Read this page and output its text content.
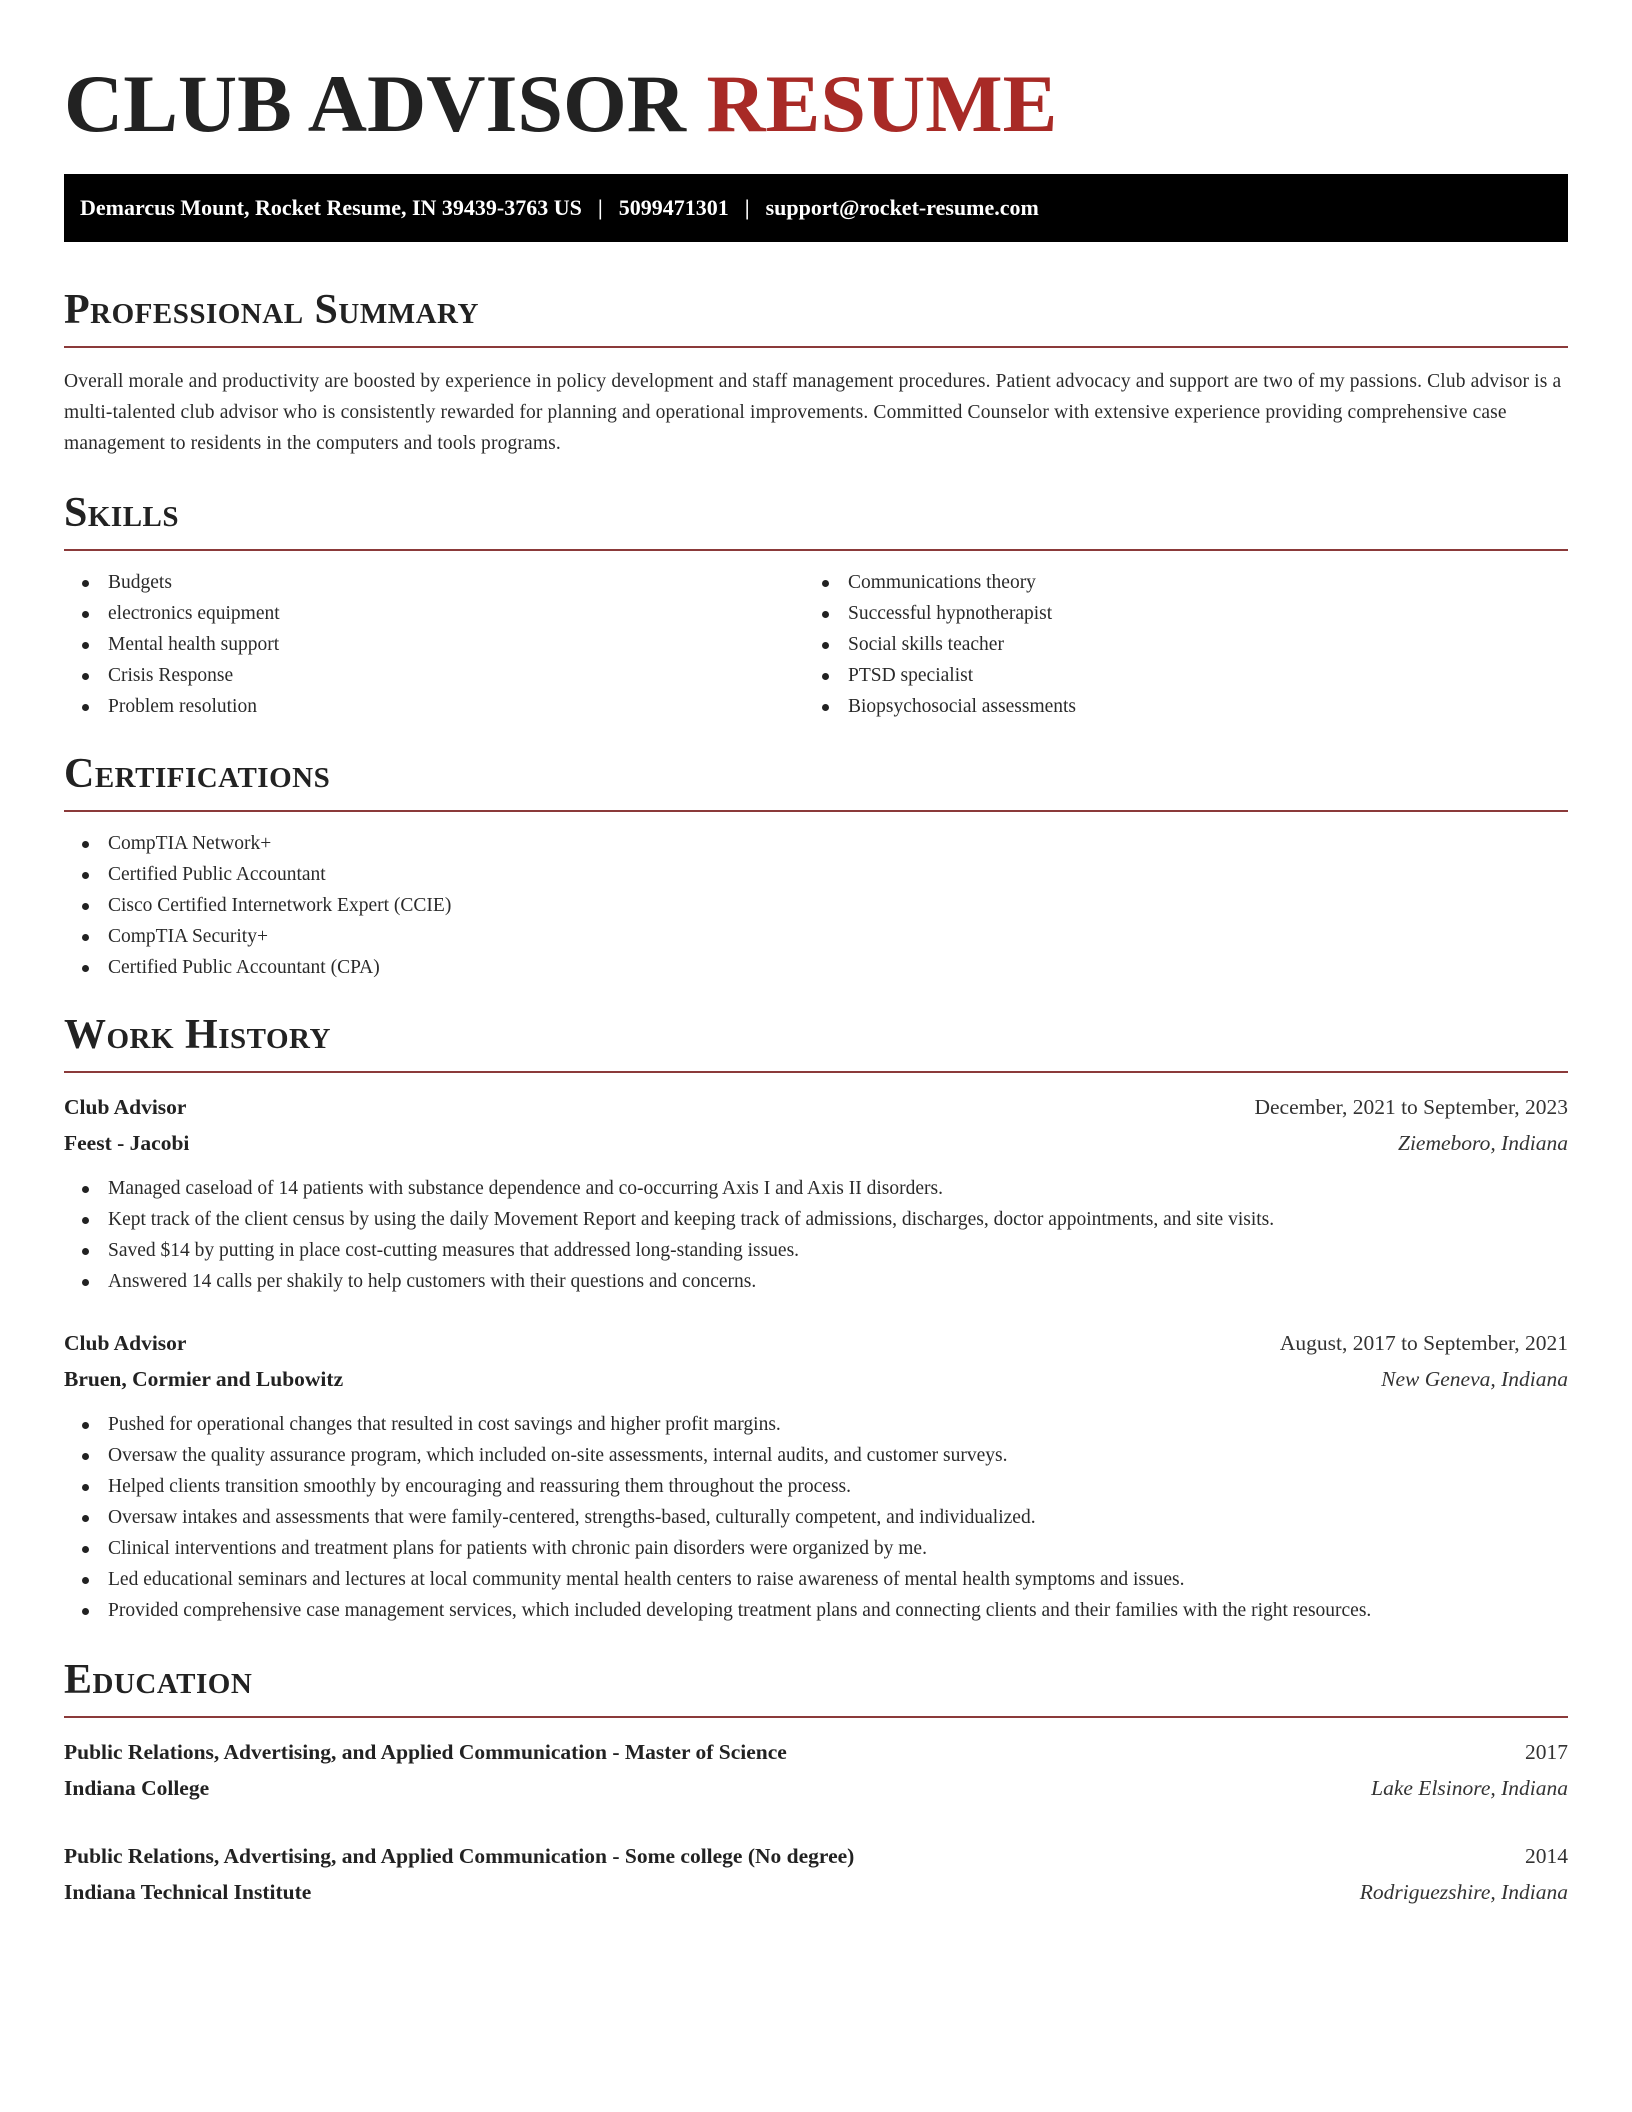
CLUB ADVISOR RESUME
Demarcus Mount, Rocket Resume, IN 39439-3763 US | 5099471301 | support@rocket-resume.com
Professional Summary

Overall morale and productivity are boosted by experience in policy development and staff management procedures. Patient advocacy and support are two of my passions. Club advisor is a multi-talented club advisor who is consistently rewarded for planning and operational improvements. Committed Counselor with extensive experience providing comprehensive case management to residents in the computers and tools programs.

Skills
Budgets
electronics equipment
Mental health support
Crisis Response
Problem resolution
Communications theory
Successful hypnotherapist
Social skills teacher
PTSD specialist
Biopsychosocial assessments
Certifications
CompTIA Network+
Certified Public Accountant
Cisco Certified Internetwork Expert (CCIE)
CompTIA Security+
Certified Public Accountant (CPA)
Work History
Club Advisor	December, 2021 to September, 2023
Feest - Jacobi	Ziemeboro, Indiana
Managed caseload of 14 patients with substance dependence and co-occurring Axis I and Axis II disorders.
Kept track of the client census by using the daily Movement Report and keeping track of admissions, discharges, doctor appointments, and site visits.
Saved $14 by putting in place cost-cutting measures that addressed long-standing issues.
Answered 14 calls per shakily to help customers with their questions and concerns.
Club Advisor	August, 2017 to September, 2021
Bruen, Cormier and Lubowitz	New Geneva, Indiana
Pushed for operational changes that resulted in cost savings and higher profit margins.
Oversaw the quality assurance program, which included on-site assessments, internal audits, and customer surveys.
Helped clients transition smoothly by encouraging and reassuring them throughout the process.
Oversaw intakes and assessments that were family-centered, strengths-based, culturally competent, and individualized.
Clinical interventions and treatment plans for patients with chronic pain disorders were organized by me.
Led educational seminars and lectures at local community mental health centers to raise awareness of mental health symptoms and issues.
Provided comprehensive case management services, which included developing treatment plans and connecting clients and their families with the right resources.
Education
Public Relations, Advertising, and Applied Communication - Master of Science	2017
Indiana College	Lake Elsinore, Indiana
Public Relations, Advertising, and Applied Communication - Some college (No degree)	2014
Indiana Technical Institute	Rodriguezshire, Indiana
